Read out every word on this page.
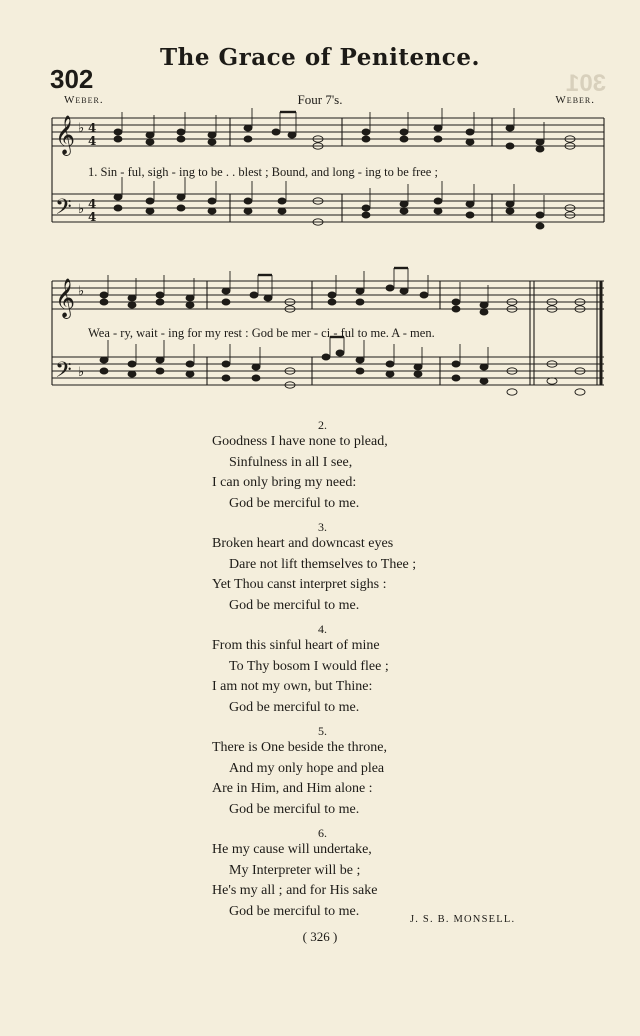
The Grace of Penitence.
302	301
Weber.	Four 7's.	Weber.
𝄞 ♭ 4
4
𝄢 ♭ 4
4
𝄞 ♭
𝄢 ♭
1. Sin - ful, sigh - ing to be . . blest ; Bound, and long - ing to be free ;
Wea - ry, wait - ing for my rest : God be mer - ci - ful to me. A - men.
2.
Goodness I have none to plead,
Sinfulness in all I see,
I can only bring my need:
God be merciful to me.
3.
Broken heart and downcast eyes
Dare not lift themselves to Thee ;
Yet Thou canst interpret sighs :
God be merciful to me.
4.
From this sinful heart of mine
To Thy bosom I would flee ;
I am not my own, but Thine:
God be merciful to me.
5.
There is One beside the throne,
And my only hope and plea
Are in Him, and Him alone :
God be merciful to me.
6.
He my cause will undertake,
My Interpreter will be ;
He's my all ; and for His sake
God be merciful to me.
J. S. B. MONSELL.
( 326 )
